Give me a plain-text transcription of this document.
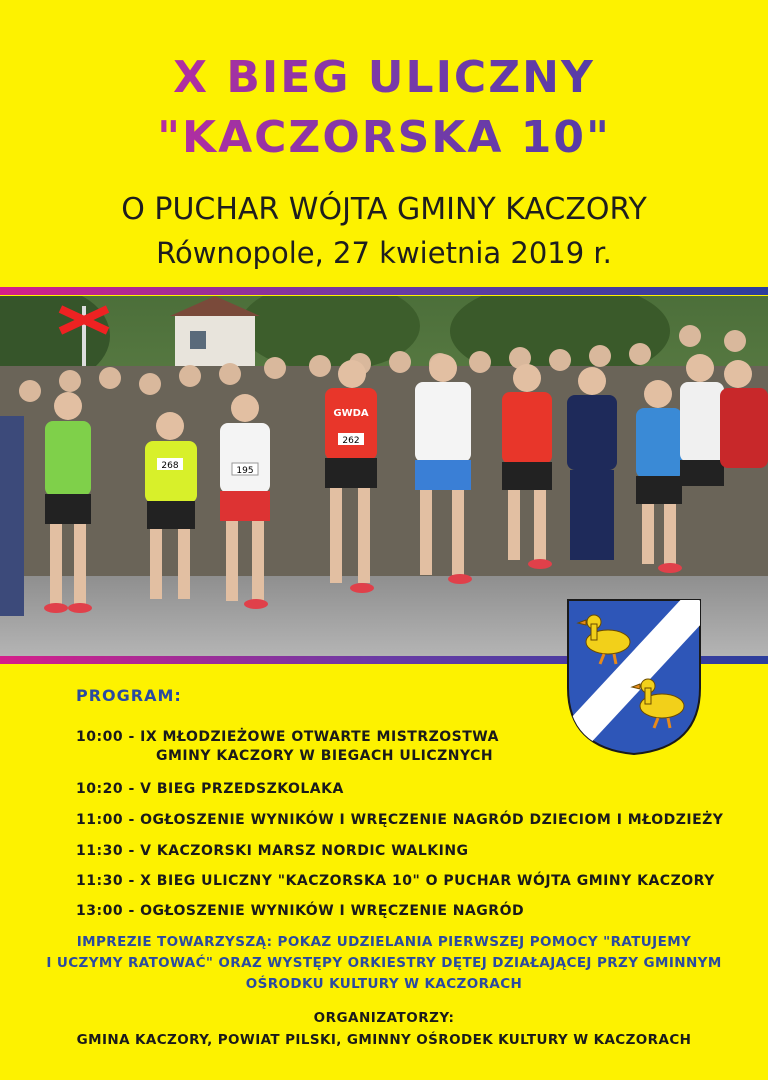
X BIEG ULICZNY
"KACZORSKA 10"
O PUCHAR WÓJTA GMINY KACZORY
Równopole, 27 kwietnia 2019 r.
268	195
GWDA
262
PROGRAM:
10:00 - IX MŁODZIEŻOWE OTWARTE MISTRZOSTWA
GMINY KACZORY W BIEGACH ULICZNYCH
10:20 - V BIEG PRZEDSZKOLAKA
11:00 - OGŁOSZENIE WYNIKÓW I WRĘCZENIE NAGRÓD DZIECIOM I MŁODZIEŻY
11:30 - V KACZORSKI MARSZ NORDIC WALKING
11:30 - X BIEG ULICZNY "KACZORSKA 10" O PUCHAR WÓJTA GMINY KACZORY
13:00 - OGŁOSZENIE WYNIKÓW I WRĘCZENIE NAGRÓD
IMPREZIE TOWARZYSZĄ: POKAZ UDZIELANIA PIERWSZEJ POMOCY "RATUJEMY
I UCZYMY RATOWAĆ" ORAZ WYSTĘPY ORKIESTRY DĘTEJ DZIAŁAJĄCEJ PRZY GMINNYM
OŚRODKU KULTURY W KACZORACH
ORGANIZATORZY:
GMINA KACZORY, POWIAT PILSKI, GMINNY OŚRODEK KULTURY W KACZORACH
